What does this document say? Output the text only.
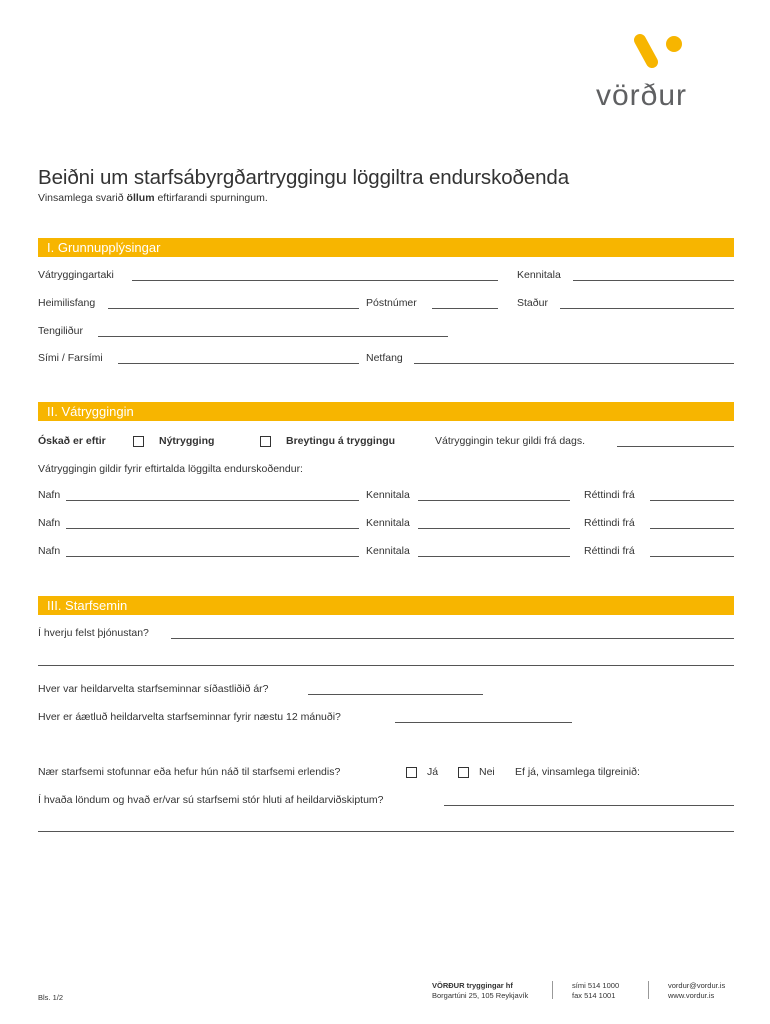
vörður
Beiðni um starfsábyrgðartryggingu löggiltra endurskoðenda
Vinsamlega svarið öllum eftirfarandi spurningum.
I. Grunnupplýsingar
Vátryggingartaki	Kennitala
Heimilisfang	Póstnúmer	Staður
Tengiliður
Sími / Farsími	Netfang
II. Vátryggingin
Óskað er eftir	Nýtrygging	Breytingu á tryggingu	Vátryggingin tekur gildi frá dags.
Vátryggingin gildir fyrir eftirtalda löggilta endurskoðendur:
Nafn	Kennitala	Réttindi frá
Nafn	Kennitala	Réttindi frá
Nafn	Kennitala	Réttindi frá
III. Starfsemin
Í hverju felst þjónustan?
Hver var heildarvelta starfseminnar síðastliðið ár?
Hver er áætluð heildarvelta starfseminnar fyrir næstu 12 mánuði?
Nær starfsemi stofunnar eða hefur hún náð til starfsemi erlendis?	Já	Nei Ef já, vinsamlega tilgreinið:
Í hvaða löndum og hvað er/var sú starfsemi stór hluti af heildarviðskiptum?
Bls. 1/2
VÖRÐUR tryggingar hf
Borgartúni 25, 105 Reykjavík
sími 514 1000
fax 514 1001
vordur@vordur.is
www.vordur.is
